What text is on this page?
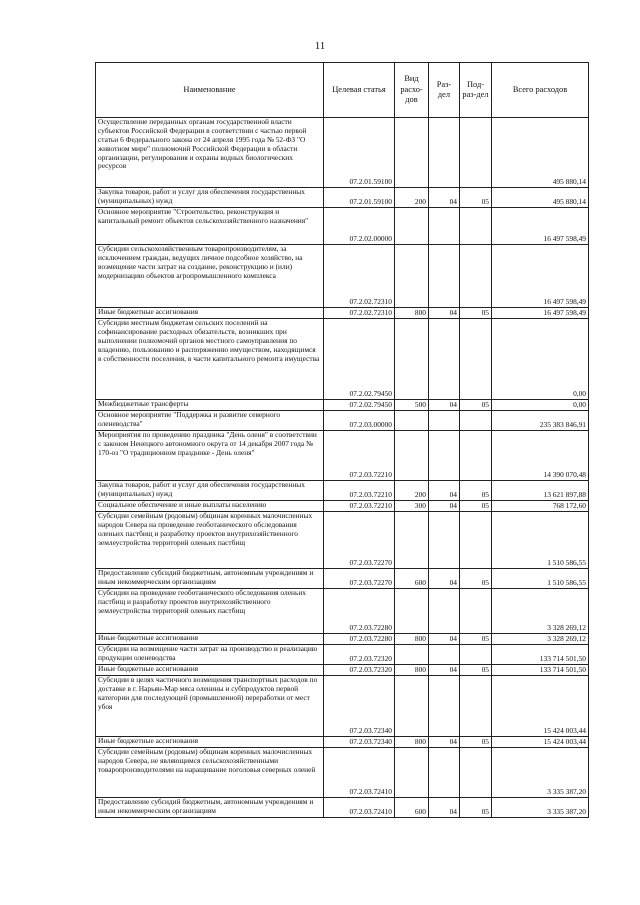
11
Наименование	Целевая статья	Вид расхо-дов	Раз-дел	Под-раз-дел	Всего расходов
Осуществление переданных органам государственной власти субъектов Российской Федерации в соответствии с частью первой статьи 6 Федерального закона от 24 апреля 1995 года № 52-ФЗ "О животном мире" полномочий Российской Федерации в области организации, регулирования и охраны водных биологических ресурсов	07.2.01.59100				495 880,14
Закупка товаров, работ и услуг для обеспечения государственных (муниципальных) нужд	07.2.01.59100	200	04	05	495 880,14
Основное мероприятие "Строительство, реконструкция и капитальный ремонт объектов сельскохозяйственного назначения"	07.2.02.00000				16 497 598,49
Субсидии сельскохозяйственным товаропроизводителям, за исключением граждан, ведущих личное подсобное хозяйство, на возмещение части затрат на создание, реконструкцию и (или) модернизацию объектов агропромышленного комплекса	07.2.02.72310				16 497 598,49
Иные бюджетные ассигнования	07.2.02.72310	800	04	05	16 497 598,49
Субсидии местным бюджетам сельских поселений на софинансирование расходных обязательств, возникших при выполнении полномочий органов местного самоуправления по владению, пользованию и распоряжению имуществом, находящимся в собственности поселения, в части капитального ремонта имущества	07.2.02.79450				0,00
Межбюджетные трансферты	07.2.02.79450	500	04	05	0,00
Основное мероприятие "Поддержка и развитие северного оленеводства"	07.2.03.00000				235 383 846,91
Мероприятия по проведению праздника "День оленя" в соответствии с законом Ненецкого автономного округа от 14 декабря 2007 года № 170-оз "О традиционном празднике - День оленя"	07.2.03.72210				14 390 070,48
Закупка товаров, работ и услуг для обеспечения государственных (муниципальных) нужд	07.2.03.72210	200	04	05	13 621 897,88
Социальное обеспечение и иные выплаты населению	07.2.03.72210	300	04	05	768 172,60
Субсидии семейным (родовым) общинам коренных малочисленных народов Севера на проведение геоботанического обследования оленьих пастбищ и разработку проектов внутрихозяйственного землеустройства территорий оленьих пастбищ	07.2.03.72270				1 510 586,55
Предоставление субсидий бюджетным, автономным учреждениям и иным некоммерческим организациям	07.2.03.72270	600	04	05	1 510 586,55
Субсидии на проведение геоботанического обследования оленьих пастбищ и разработку проектов внутрихозяйственного землеустройства территорий оленьих пастбищ	07.2.03.72280				3 328 269,12
Иные бюджетные ассигнования	07.2.03.72280	800	04	05	3 328 269,12
Субсидии на возмещение части затрат на производство и реализацию продукции оленеводства	07.2.03.72320				133 714 501,50
Иные бюджетные ассигнования	07.2.03.72320	800	04	05	133 714 501,50
Субсидии в целях частичного возмещения транспортных расходов по доставке в г. Нарьян-Мар мяса оленины и субпродуктов первой категории для последующей (промышленной) переработки от мест убоя	07.2.03.72340				15 424 003,44
Иные бюджетные ассигнования	07.2.03.72340	800	04	05	15 424 003,44
Субсидии семейным (родовым) общинам коренных малочисленных народов Севера, не являющимся сельскохозяйственными товаропроизводителями на наращивание поголовья северных оленей	07.2.03.72410				3 335 387,20
Предоставление субсидий бюджетным, автономным учреждениям и иным некоммерческим организациям	07.2.03.72410	600	04	05	3 335 387,20
